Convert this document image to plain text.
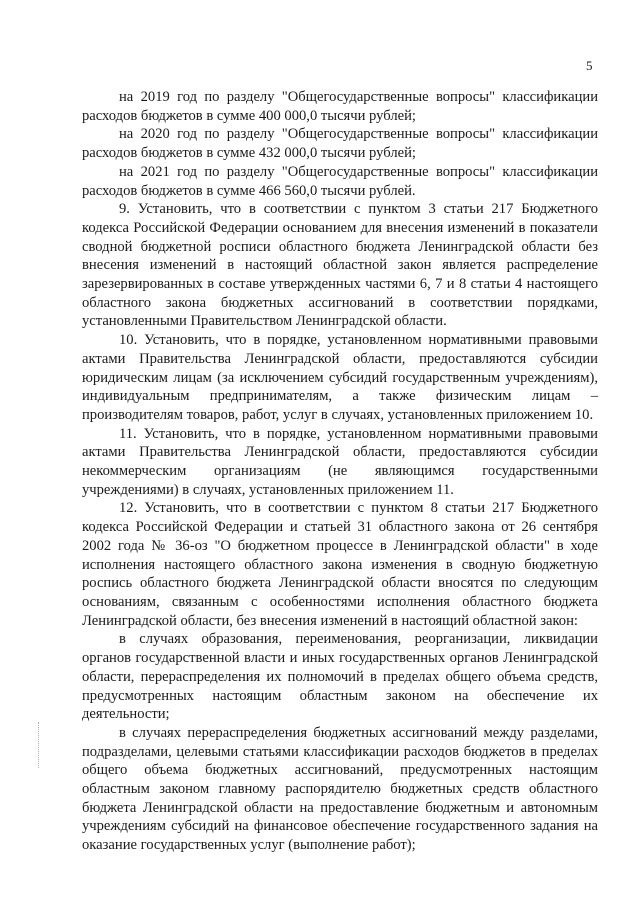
5

на 2019 год по разделу "Общегосударственные вопросы" классификации расходов бюджетов в сумме 400 000,0 тысячи рублей;

на 2020 год по разделу "Общегосударственные вопросы" классификации расходов бюджетов в сумме 432 000,0 тысячи рублей;

на 2021 год по разделу "Общегосударственные вопросы" классификации расходов бюджетов в сумме 466 560,0 тысячи рублей.

9. Установить, что в соответствии с пунктом 3 статьи 217 Бюджетного кодекса Российской Федерации основанием для внесения изменений в показатели сводной бюджетной росписи областного бюджета Ленинградской области без внесения изменений в настоящий областной закон является распределение зарезервированных в составе утвержденных частями 6, 7 и 8 статьи 4 настоящего областного закона бюджетных ассигнований в соответствии порядками, установленными Правительством Ленинградской области.

10. Установить, что в порядке, установленном нормативными правовыми актами Правительства Ленинградской области, предоставляются субсидии юридическим лицам (за исключением субсидий государственным учреждениям), индивидуальным предпринимателям, а также физическим лицам – производителям товаров, работ, услуг в случаях, установленных приложением 10.

11. Установить, что в порядке, установленном нормативными правовыми актами Правительства Ленинградской области, предоставляются субсидии некоммерческим организациям (не являющимся государственными учреждениями) в случаях, установленных приложением 11.

12. Установить, что в соответствии с пунктом 8 статьи 217 Бюджетного кодекса Российской Федерации и статьей 31 областного закона от 26 сентября 2002 года № 36-оз "О бюджетном процессе в Ленинградской области" в ходе исполнения настоящего областного закона изменения в сводную бюджетную роспись областного бюджета Ленинградской области вносятся по следующим основаниям, связанным с особенностями исполнения областного бюджета Ленинградской области, без внесения изменений в настоящий областной закон:

в случаях образования, переименования, реорганизации, ликвидации органов государственной власти и иных государственных органов Ленинградской области, перераспределения их полномочий в пределах общего объема средств, предусмотренных настоящим областным законом на обеспечение их деятельности;

в случаях перераспределения бюджетных ассигнований между разделами, подразделами, целевыми статьями классификации расходов бюджетов в пределах общего объема бюджетных ассигнований, предусмотренных настоящим областным законом главному распорядителю бюджетных средств областного бюджета Ленинградской области на предоставление бюджетным и автономным учреждениям субсидий на финансовое обеспечение государственного задания на оказание государственных услуг (выполнение работ);
